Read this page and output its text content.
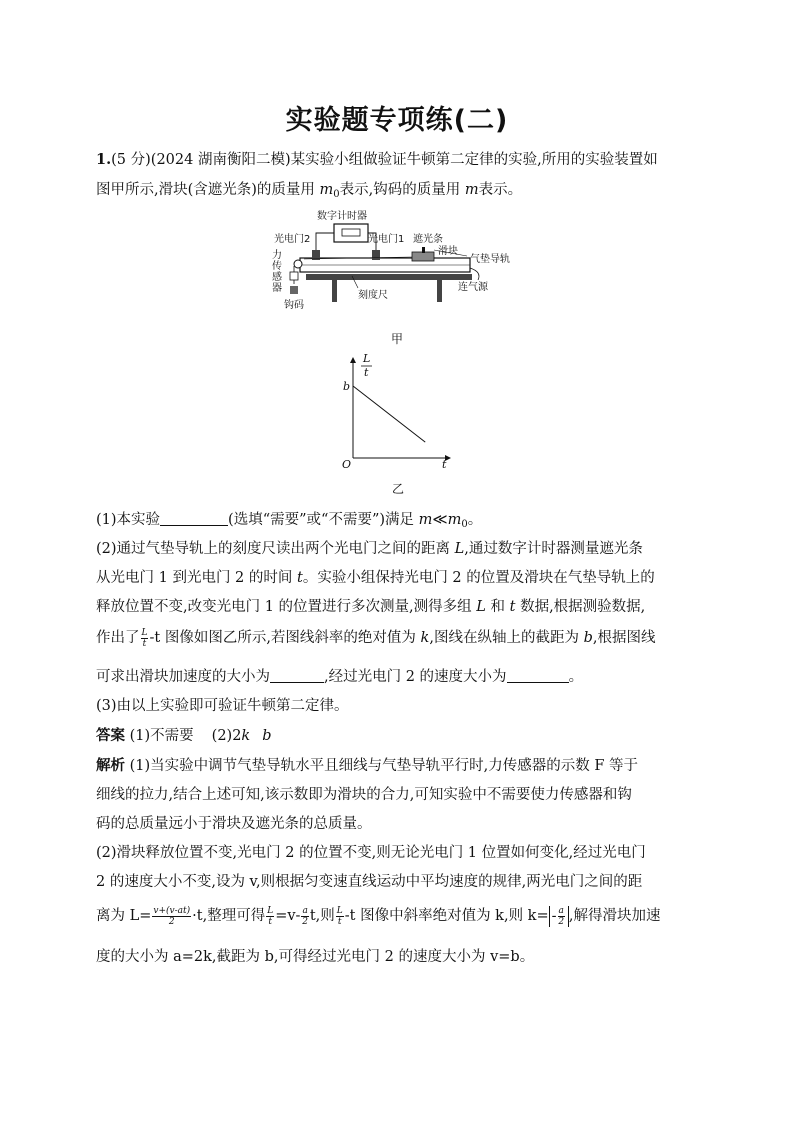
实验题专项练(二)
1.(5 分)(2024 湖南衡阳二模)某实验小组做验证牛顿第二定律的实验,所用的实验装置如
图甲所示,滑块(含遮光条)的质量用 $m_0$表示,钩码的质量用 m表示。
数字计时器
光电门2	光电门1 遮光条
滑块
气垫导轨
力
传
感
器
钩码
刻度尺
连气源
甲
L
t
t
O
b
乙
(1)本实验	(选填“需要”或“不需要”)满足 $m≪m_0$。
(2)通过气垫导轨上的刻度尺读出两个光电门之间的距离 L,通过数字计时器测量遮光条
从光电门 1 到光电门 2 的时间 t。实验小组保持光电门 2 的位置及滑块在气垫导轨上的
释放位置不变,改变光电门 1 的位置进行多次测量,测得多组 L 和 t 数据,根据测验数据,
作出了 $\frac{L}{t} -t$ 图像如图乙所示,若图线斜率的绝对值为 k,图线在纵轴上的截距为 b,根据图线
可求出滑块加速度的大小为	,经过光电门 2 的速度大小为	。
(3)由以上实验即可验证牛顿第二定律。
答案 (1)不需要 (2)2k b
解析 (1)当实验中调节气垫导轨水平且细线与气垫导轨平行时,力传感器的示数 F 等于
细线的拉力,结合上述可知,该示数即为滑块的合力,可知实验中不需要使力传感器和钩
码的总质量远小于滑块及遮光条的总质量。
(2)滑块释放位置不变,光电门 2 的位置不变,则无论光电门 1 位置如何变化,经过光电门
2 的速度大小不变,设为 v,则根据匀变速直线运动中平均速度的规律,两光电门之间的距
离为 $L= \frac{v+(v-at)}{2} \cdot t$,整理可得 $\frac{L}{t} =v- \frac{a}{2} t$,则 $\frac{L}{t} -t$ 图像中斜率绝对值为 k,则 $k= - \frac{a}{2}$ ,解得滑块加速
度的大小为 a=2k,截距为 b,可得经过光电门 2 的速度大小为 v=b。
